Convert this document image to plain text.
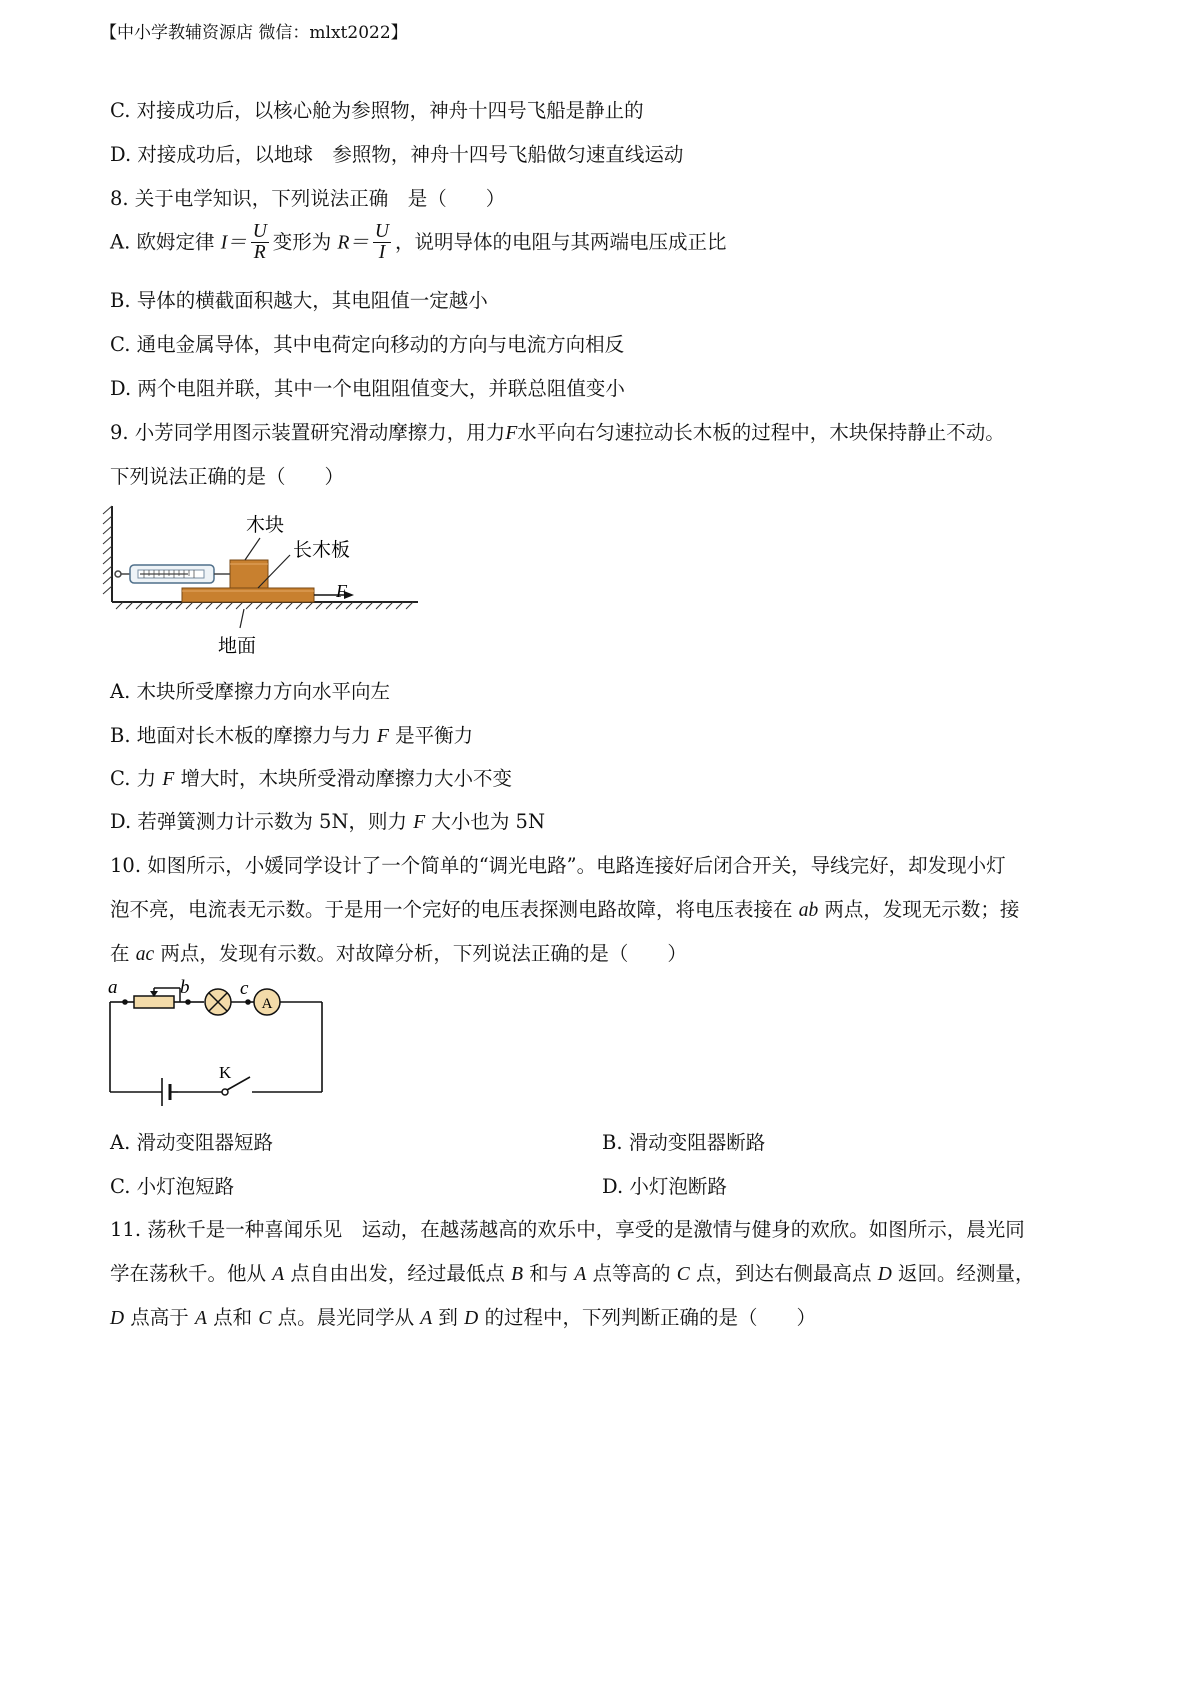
【中小学教辅资源店 微信：mlxt2022】
C. 对接成功后，以核心舱为参照物，神舟十四号飞船是静止的
D. 对接成功后，以地球　参照物，神舟十四号飞船做匀速直线运动
8. 关于电学知识，下列说法正确　是（　　）
A. 欧姆定律 $I= \frac{U}{R}$ 变形为 $R= \frac{U}{I}$ ，说明导体的电阻与其两端电压成正比
B. 导体的横截面积越大，其电阻值一定越小
C. 通电金属导体，其中电荷定向移动的方向与电流方向相反
D. 两个电阻并联，其中一个电阻阻值变大，并联总阻值变小
9. 小芳同学用图示装置研究滑动摩擦力，用力F水平向右匀速拉动长木板的过程中，木块保持静止不动。
下列说法正确的是（　　）
木块
长木板
F
地面
A. 木块所受摩擦力方向水平向左
B. 地面对长木板的摩擦力与力 F 是平衡力
C. 力 F 增大时，木块所受滑动摩擦力大小不变
D. 若弹簧测力计示数为 5N，则力 F 大小也为 5N
10. 如图所示，小媛同学设计了一个简单的“调光电路”。电路连接好后闭合开关，导线完好，却发现小灯
泡不亮，电流表无示数。于是用一个完好的电压表探测电路故障，将电压表接在 ab 两点，发现无示数；接
在 ac 两点，发现有示数。对故障分析，下列说法正确的是（　　）
a	b	c
A
K
A. 滑动变阻器短路	B. 滑动变阻器断路
C. 小灯泡短路	D. 小灯泡断路
11. 荡秋千是一种喜闻乐见　运动，在越荡越高的欢乐中，享受的是激情与健身的欢欣。如图所示，晨光同
学在荡秋千。他从 A 点自由出发，经过最低点 B 和与 A 点等高的 C 点，到达右侧最高点 D 返回。经测量，
D 点高于 A 点和 C 点。晨光同学从 A 到 D 的过程中，下列判断正确的是（　　）
